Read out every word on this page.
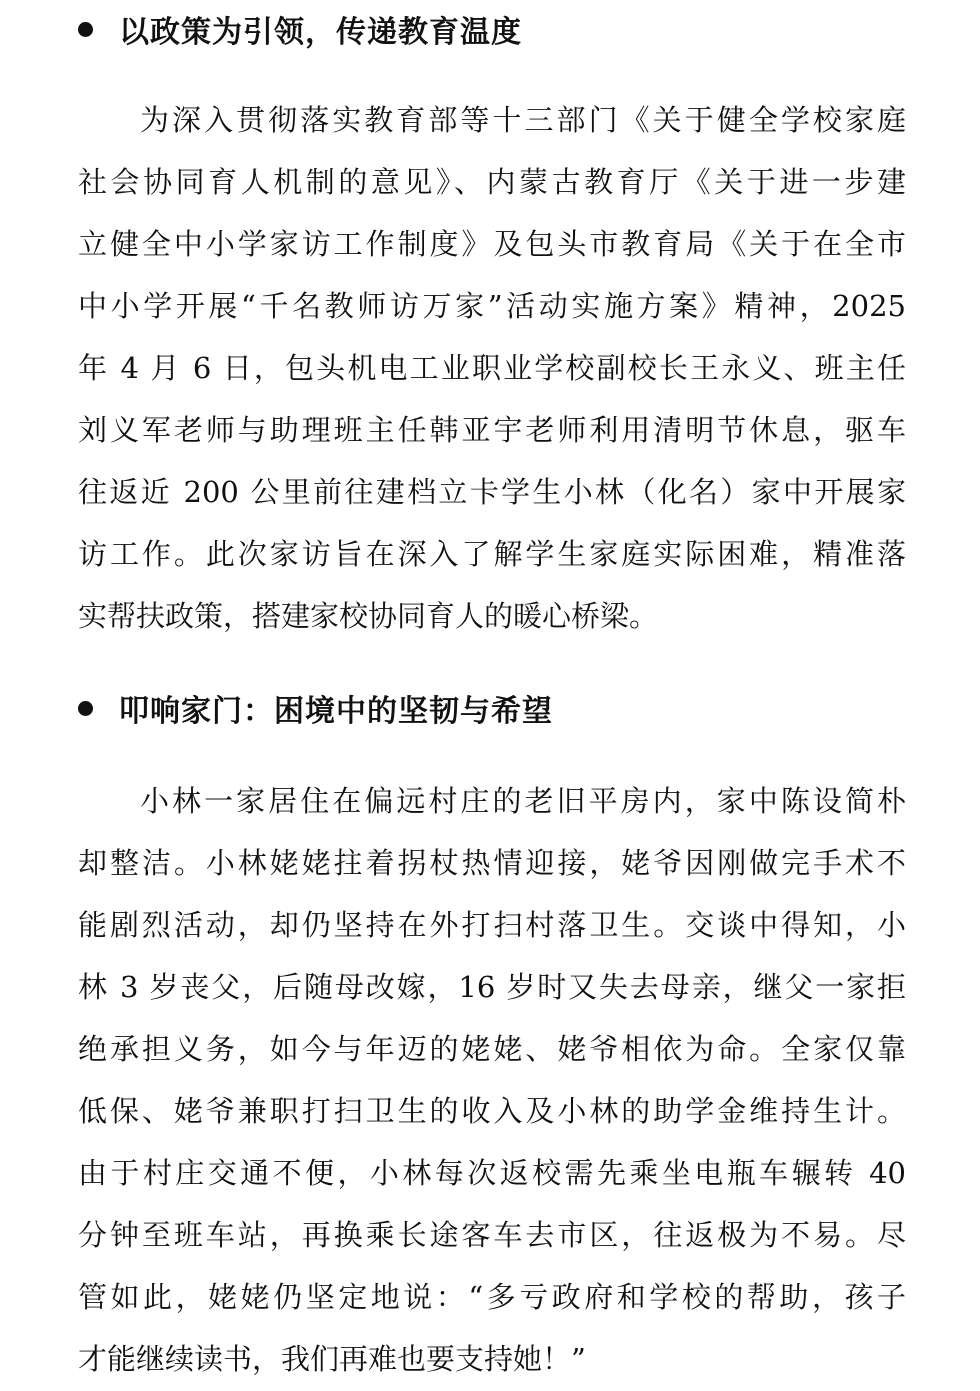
以政策为引领，传递教育温度
为深入贯彻落实教育部等十三部门《关于健全学校家庭
社会协同育人机制的意见》、内蒙古教育厅《关于进一步建
立健全中小学家访工作制度》及包头市教育局《关于在全市
中小学开展“千名教师访万家”活动实施方案》精神，2025
年 4 月 6 日，包头机电工业职业学校副校长王永义、班主任
刘义军老师与助理班主任韩亚宇老师利用清明节休息，驱车
往返近 200 公里前往建档立卡学生小林（化名）家中开展家
访工作。此次家访旨在深入了解学生家庭实际困难，精准落
实帮扶政策，搭建家校协同育人的暖心桥梁。
叩响家门：困境中的坚韧与希望
小林一家居住在偏远村庄的老旧平房内，家中陈设简朴
却整洁。小林姥姥拄着拐杖热情迎接，姥爷因刚做完手术不
能剧烈活动，却仍坚持在外打扫村落卫生。交谈中得知，小
林 3 岁丧父，后随母改嫁，16 岁时又失去母亲，继父一家拒
绝承担义务，如今与年迈的姥姥、姥爷相依为命。全家仅靠
低保、姥爷兼职打扫卫生的收入及小林的助学金维持生计。
由于村庄交通不便，小林每次返校需先乘坐电瓶车辗转 40
分钟至班车站，再换乘长途客车去市区，往返极为不易。尽
管如此，姥姥仍坚定地说：“多亏政府和学校的帮助，孩子
才能继续读书，我们再难也要支持她！”
